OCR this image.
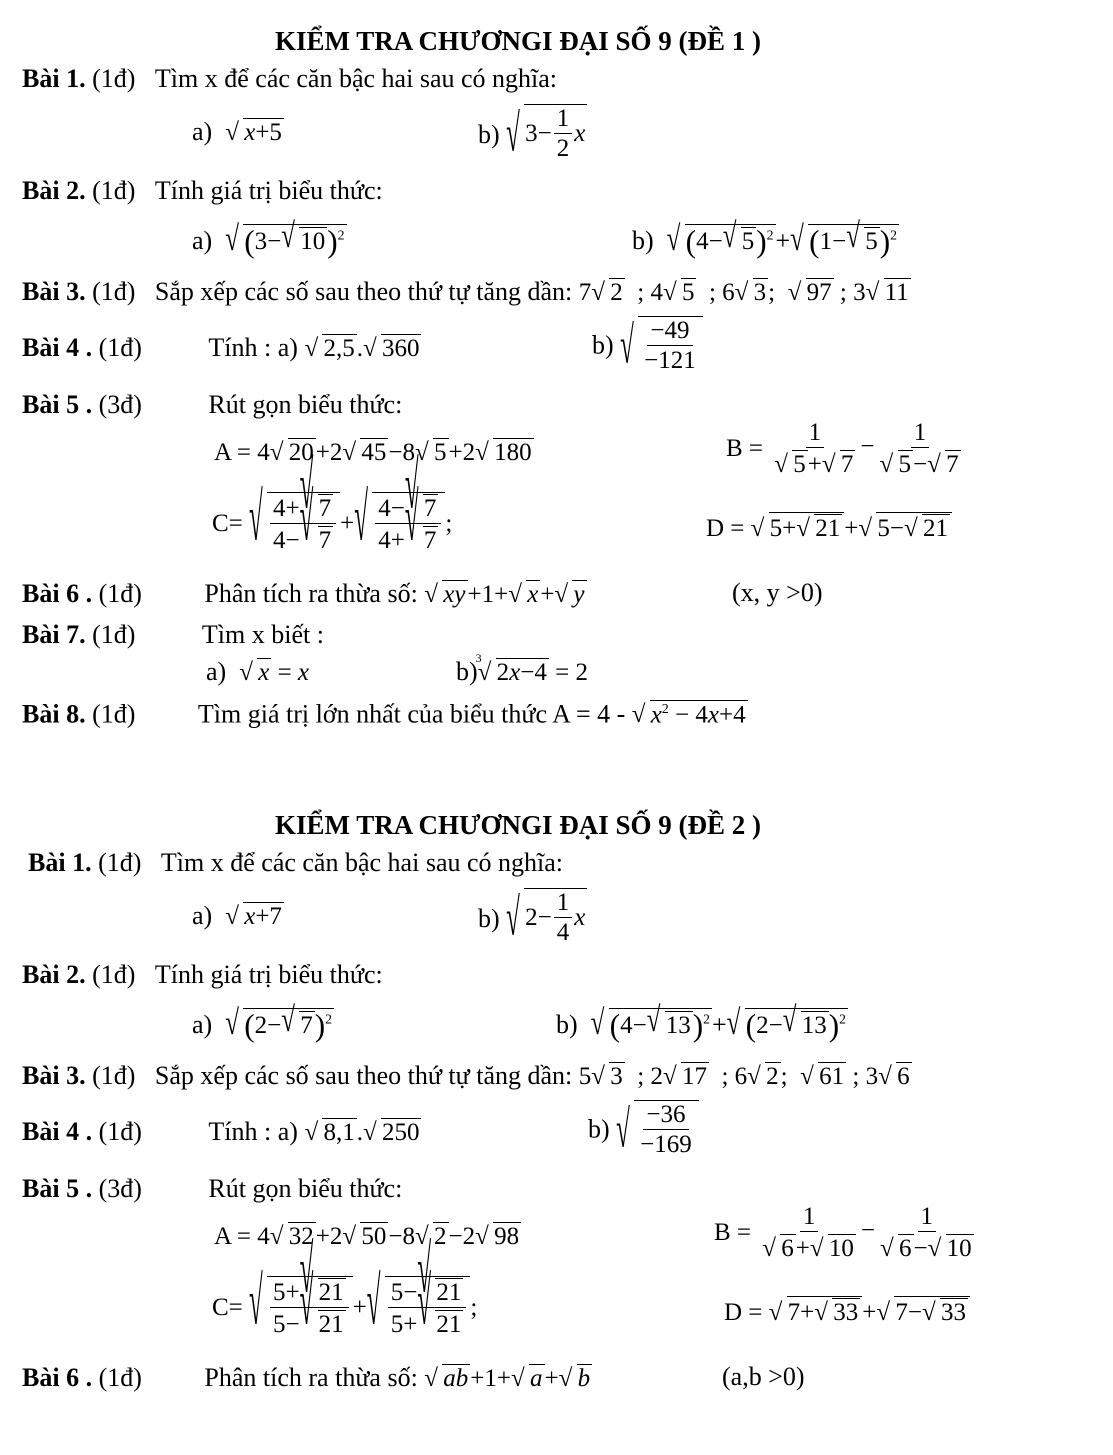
KIỂM TRA CHƯƠNGI ĐẠI SỐ 9 (ĐỀ 1 )
Bài 1. (1đ) Tìm x để các căn bậc hai sau có nghĩa:
a) √ x+5	b) √ 3−
1
2
x
Bài 2. (1đ) Tính giá trị biểu thức:
a) √ (3− √ 10)$^2$	b) √ (4− √ 5)$^2$+ √ (1− √ 5)$^2$
Bài 3. (1đ) Sắp xếp các số sau theo thứ tự tăng dần: 7 √ 2  ; 4 √ 5  ; 6 √ 3;  √ 97 ; 3 √ 11
Bài 4 . (1đ)	Tính : a) √ 2,5. √ 360	b) √ $\frac{-49}{-121}$
Bài 5 . (3đ)	Rút gọn biểu thức:
A = 4 √ 20+2 √ 45−8 √ 5+2 √ 180	B = 1
√ 5+ √ 7 − 1
√ 5− √ 7
C= √ $\frac{4+ √ 7}{4- √ 7}$ + √ $\frac{4- √ 7}{4+ √ 7}$ ;	D = √ 5+ √ 21 + √ 5− √ 21
Bài 6 . (1đ) Phân tích ra thừa số: √ xy+1+ √ x+ √ y	(x, y >0)
Bài 7. (1đ)	Tìm x biết :
a) √ x = x	b)
√ 3
2x−4 = 2
Bài 8. (1đ) Tìm giá trị lớn nhất của biểu thức A = 4 - √ $x^2 - 4x+4$
KIỂM TRA CHƯƠNGI ĐẠI SỐ 9 (ĐỀ 2 )
Bài 1. (1đ) Tìm x để các căn bậc hai sau có nghĩa:
a) √ x+7	b) √ 2−
1
4
x
Bài 2. (1đ) Tính giá trị biểu thức:
a) √ (2− √ 7)$^2$	b) √ (4− √ 13)$^2$+ √ (2− √ 13)$^2$
Bài 3. (1đ) Sắp xếp các số sau theo thứ tự tăng dần: 5 √ 3  ; 2 √ 17  ; 6 √ 2;  √ 61 ; 3 √ 6
Bài 4 . (1đ)	Tính : a) √ 8,1. √ 250	b) √ $\frac{-36}{-169}$
Bài 5 . (3đ)	Rút gọn biểu thức:
A = 4 √ 32+2 √ 50−8 √ 2−2 √ 98	B = 1
√ 6+ √ 10 − 1
√ 6− √ 10
C= √ $\frac{5+ √ 21}{5- √ 21}$ + √ $\frac{5- √ 21}{5+ √ 21}$ ;	D = √ 7+ √ 33 + √ 7− √ 33
Bài 6 . (1đ) Phân tích ra thừa số: √ ab+1+ √ a+ √ b	(a,b >0)
